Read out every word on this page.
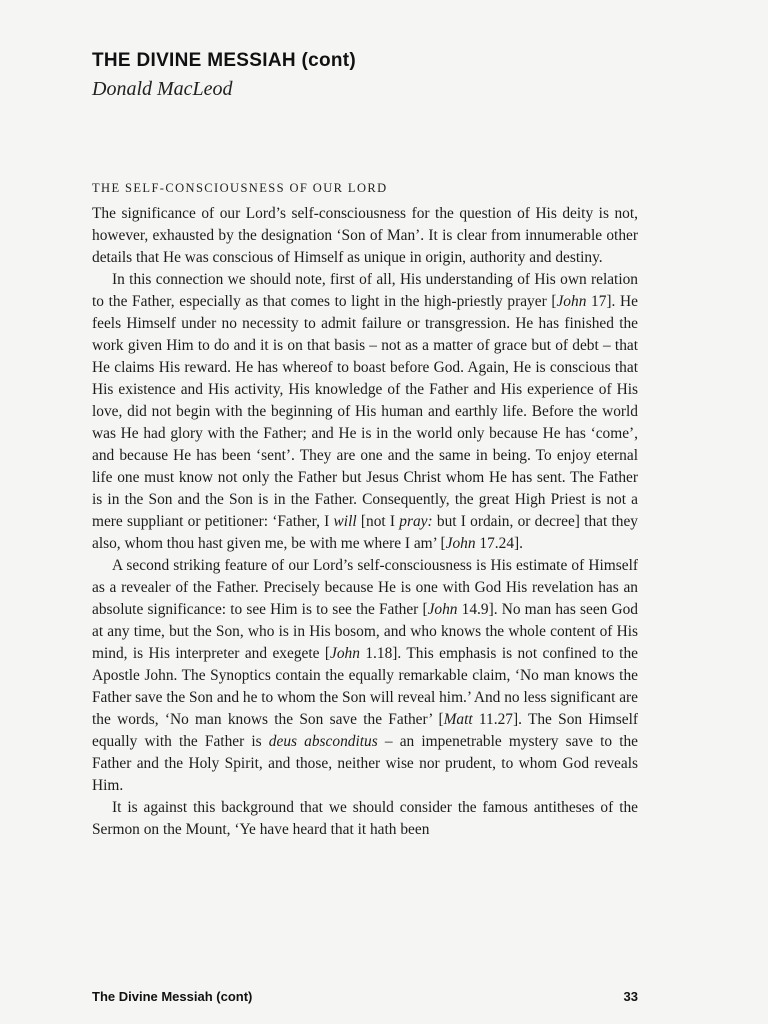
THE DIVINE MESSIAH (cont)
Donald MacLeod
THE SELF-CONSCIOUSNESS OF OUR LORD

The significance of our Lord’s self-consciousness for the question of His deity is not, however, exhausted by the designation ‘Son of Man’. It is clear from innumerable other details that He was conscious of Himself as unique in origin, authority and destiny.

In this connection we should note, first of all, His understanding of His own relation to the Father, especially as that comes to light in the high-priestly prayer [John 17]. He feels Himself under no necessity to admit failure or transgression. He has finished the work given Him to do and it is on that basis – not as a matter of grace but of debt – that He claims His reward. He has whereof to boast before God. Again, He is conscious that His existence and His activity, His knowledge of the Father and His experience of His love, did not begin with the beginning of His human and earthly life. Before the world was He had glory with the Father; and He is in the world only because He has ‘come’, and because He has been ‘sent’. They are one and the same in being. To enjoy eternal life one must know not only the Father but Jesus Christ whom He has sent. The Father is in the Son and the Son is in the Father. Consequently, the great High Priest is not a mere suppliant or petitioner: ‘Father, I will [not I pray: but I ordain, or decree] that they also, whom thou hast given me, be with me where I am’ [John 17.24].

A second striking feature of our Lord’s self-consciousness is His estimate of Himself as a revealer of the Father. Precisely because He is one with God His revelation has an absolute significance: to see Him is to see the Father [John 14.9]. No man has seen God at any time, but the Son, who is in His bosom, and who knows the whole content of His mind, is His interpreter and exegete [John 1.18]. This emphasis is not confined to the Apostle John. The Synoptics contain the equally remarkable claim, ‘No man knows the Father save the Son and he to whom the Son will reveal him.’ And no less significant are the words, ‘No man knows the Son save the Father’ [Matt 11.27]. The Son Himself equally with the Father is deus absconditus – an impenetrable mystery save to the Father and the Holy Spirit, and those, neither wise nor prudent, to whom God reveals Him.

It is against this background that we should consider the famous antitheses of the Sermon on the Mount, ‘Ye have heard that it hath been

The Divine Messiah (cont)	33
